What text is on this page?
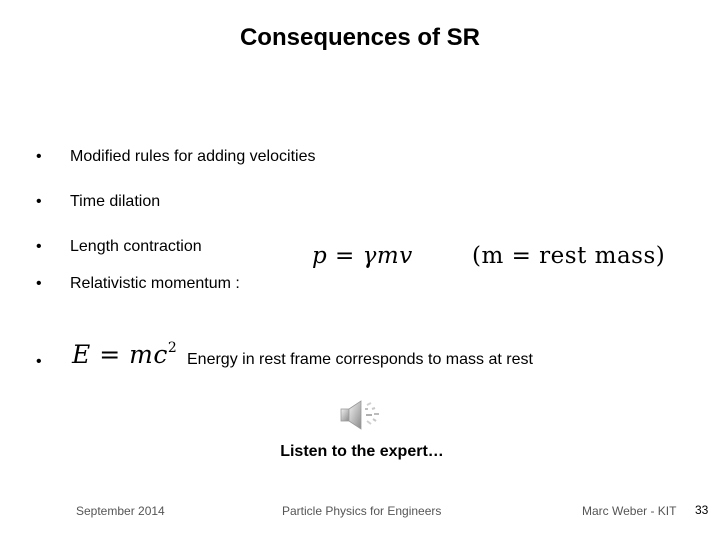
Consequences of SR
• Modified rules for adding velocities
• Time dilation
• Length contraction
• Relativistic momentum :
p = γmv	(m = rest mass)
• $E = mc^2$
Energy in rest frame corresponds to mass at rest
Listen to the expert…
September 2014	Particle Physics for Engineers	Marc Weber - KIT 33
